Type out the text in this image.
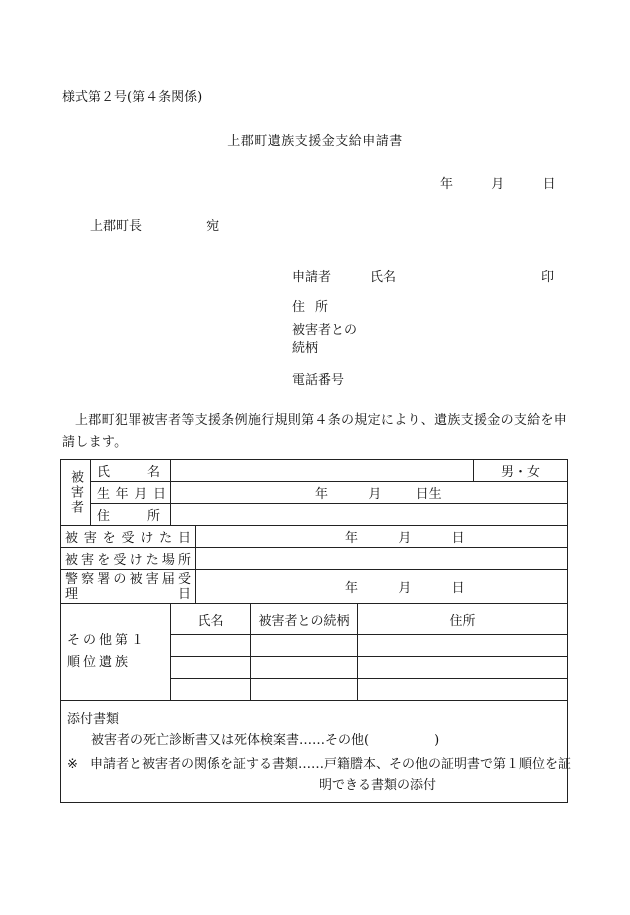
様式第２号(第４条関係)
上郡町遺族支援金支給申請書
年	月	日
上郡町長	宛
申請者	氏名	印
住所
被害者との続柄
電話番号
上郡町犯罪被害者等支援条例施行規則第４条の規定により、遺族支援金の支給を申請します。
被害者	氏　　名					男・女
	生年月日	年 月 日生				

	住　　所					
被害を受けた日			年 月 日			

被害を受けた場所						

警察署の被害届受
理 日			年 月 日			

その他第１
順位遺族		氏名		被害者との続柄	住所	

添付書類
被害者の死亡診断書又は死体検案書……その他(　　　　　)
※ 申請者と被害者の関係を証する書類……戸籍謄本、その他の証明書で第１順位を証
明できる書類の添付						
